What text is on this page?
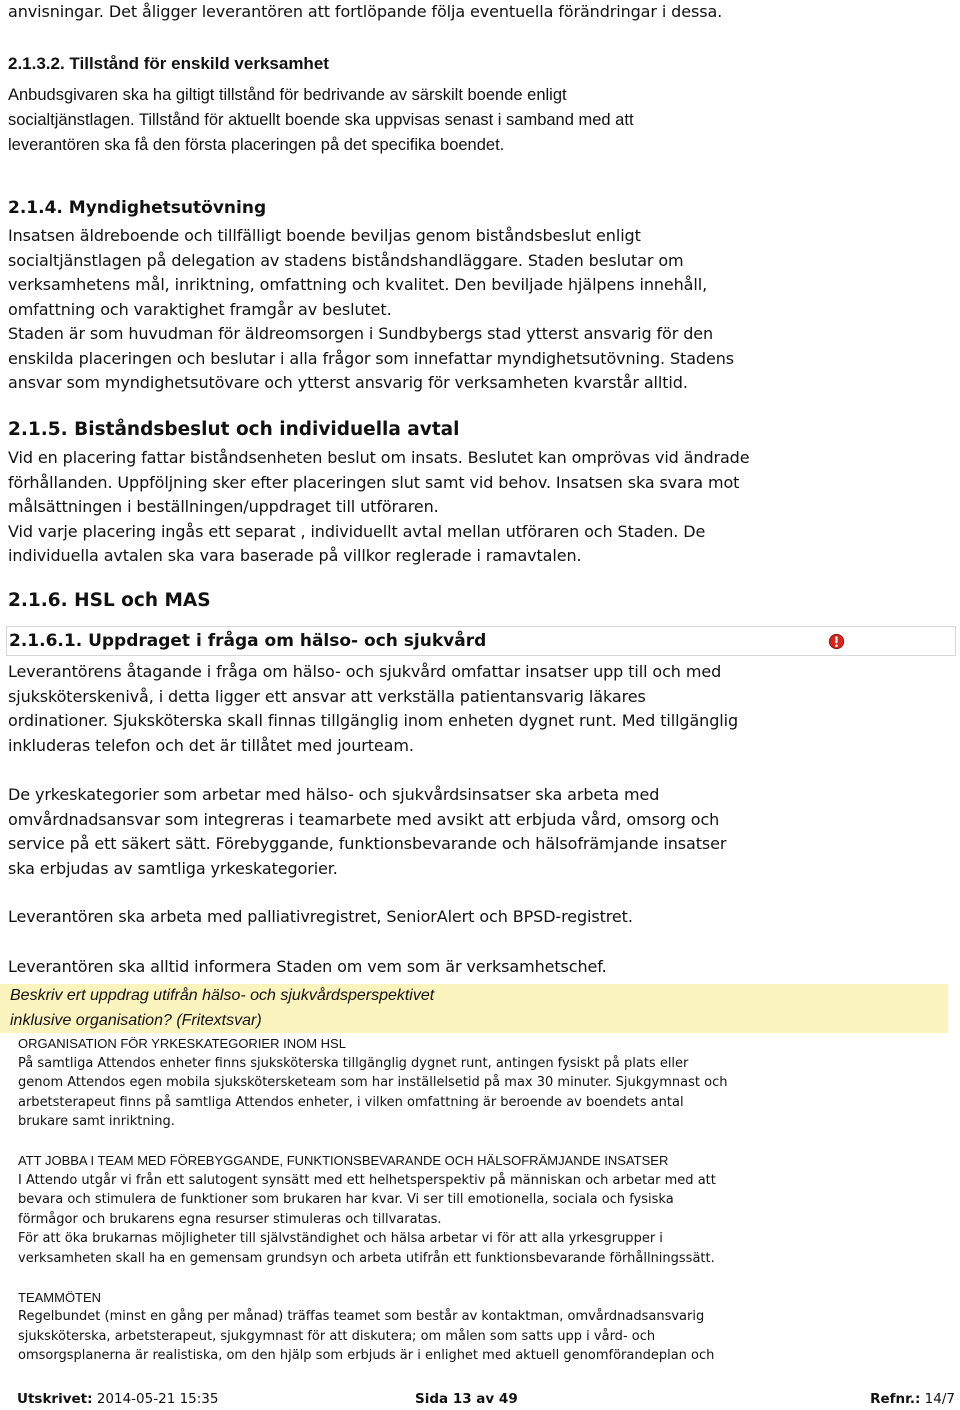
anvisningar. Det åligger leverantören att fortlöpande följa eventuella förändringar i dessa.

2.1.3.2. Tillstånd för enskild verksamhet

Anbudsgivaren ska ha giltigt tillstånd för bedrivande av särskilt boende enligt

socialtjänstlagen. Tillstånd för aktuellt boende ska uppvisas senast i samband med att

leverantören ska få den första placeringen på det specifika boendet.

2.1.4. Myndighetsutövning

Insatsen äldreboende och tillfälligt boende beviljas genom biståndsbeslut enligt

socialtjänstlagen på delegation av stadens biståndshandläggare. Staden beslutar om

verksamhetens mål, inriktning, omfattning och kvalitet. Den beviljade hjälpens innehåll,

omfattning och varaktighet framgår av beslutet.

Staden är som huvudman för äldreomsorgen i Sundbybergs stad ytterst ansvarig för den

enskilda placeringen och beslutar i alla frågor som innefattar myndighetsutövning. Stadens

ansvar som myndighetsutövare och ytterst ansvarig för verksamheten kvarstår alltid.

2.1.5. Biståndsbeslut och individuella avtal

Vid en placering fattar biståndsenheten beslut om insats. Beslutet kan omprövas vid ändrade

förhållanden. Uppföljning sker efter placeringen slut samt vid behov. Insatsen ska svara mot

målsättningen i beställningen/uppdraget till utföraren.

Vid varje placering ingås ett separat , individuellt avtal mellan utföraren och Staden. De

individuella avtalen ska vara baserade på villkor reglerade i ramavtalen.

2.1.6. HSL och MAS

2.1.6.1. Uppdraget i fråga om hälso- och sjukvård

Leverantörens åtagande i fråga om hälso- och sjukvård omfattar insatser upp till och med

sjuksköterskenivå, i detta ligger ett ansvar att verkställa patientansvarig läkares

ordinationer. Sjuksköterska skall finnas tillgänglig inom enheten dygnet runt. Med tillgänglig

inkluderas telefon och det är tillåtet med jourteam.

De yrkeskategorier som arbetar med hälso- och sjukvårdsinsatser ska arbeta med

omvårdnadsansvar som integreras i teamarbete med avsikt att erbjuda vård, omsorg och

service på ett säkert sätt. Förebyggande, funktionsbevarande och hälsofrämjande insatser

ska erbjudas av samtliga yrkeskategorier.

Leverantören ska arbeta med palliativregistret, SeniorAlert och BPSD-registret.

Leverantören ska alltid informera Staden om vem som är verksamhetschef.

Beskriv ert uppdrag utifrån hälso- och sjukvårdsperspektivet

inklusive organisation? (Fritextsvar)

ORGANISATION FÖR YRKESKATEGORIER INOM HSL

På samtliga Attendos enheter finns sjuksköterska tillgänglig dygnet runt, antingen fysiskt på plats eller

genom Attendos egen mobila sjukskötersketeam som har inställelsetid på max 30 minuter. Sjukgymnast och

arbetsterapeut finns på samtliga Attendos enheter, i vilken omfattning är beroende av boendets antal

brukare samt inriktning.

ATT JOBBA I TEAM MED FÖREBYGGANDE, FUNKTIONSBEVARANDE OCH HÄLSOFRÄMJANDE INSATSER

I Attendo utgår vi från ett salutogent synsätt med ett helhetsperspektiv på människan och arbetar med att

bevara och stimulera de funktioner som brukaren har kvar. Vi ser till emotionella, sociala och fysiska

förmågor och brukarens egna resurser stimuleras och tillvaratas.

För att öka brukarnas möjligheter till självständighet och hälsa arbetar vi för att alla yrkesgrupper i

verksamheten skall ha en gemensam grundsyn och arbeta utifrån ett funktionsbevarande förhållningssätt.

TEAMMÖTEN

Regelbundet (minst en gång per månad) träffas teamet som består av kontaktman, omvårdnadsansvarig

sjuksköterska, arbetsterapeut, sjukgymnast för att diskutera; om målen som satts upp i vård- och

omsorgsplanerna är realistiska, om den hjälp som erbjuds är i enlighet med aktuell genomförandeplan och

Utskrivet: 2014-05-21 15:35	Sida 13 av 49	Refnr.: 14/7
